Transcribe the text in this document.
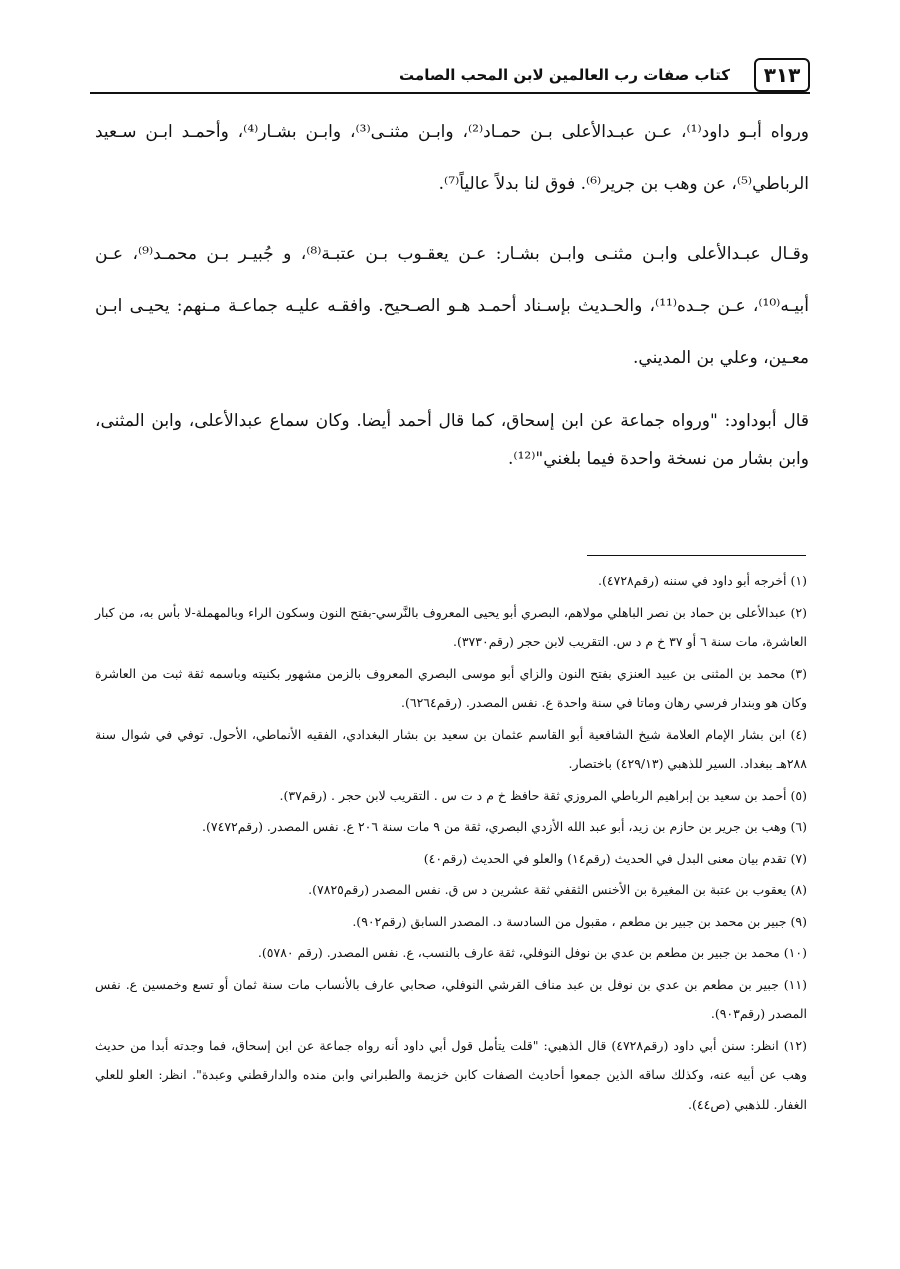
٣١٣
كتاب صفات رب العالمين لابن المحب الصامت

ورواه أبـو داود⁽¹⁾، عـن عبـدالأعلى بـن حمـاد⁽²⁾، وابـن مثنـى⁽³⁾، وابـن بشـار⁽⁴⁾، وأحمـد ابـن سـعيد الرباطي⁽⁵⁾، عن وهب بن جرير⁽⁶⁾. فوق لنا بدلاً عالياً⁽⁷⁾.

وقـال عبـدالأعلى وابـن مثنـى وابـن بشـار: عـن يعقـوب بـن عتبـة⁽⁸⁾، و جُبيـر بـن محمـد⁽⁹⁾، عـن أبيـه⁽¹⁰⁾، عـن جـده⁽¹¹⁾، والحـديث بإسـناد أحمـد هـو الصـحيح. وافقـه عليـه جماعـة مـنهم: يحيـى ابـن معـين، وعلي بن المديني.

قال أبوداود: "ورواه جماعة عن ابن إسحاق، كما قال أحمد أيضا. وكان سماع عبدالأعلى، وابن المثنى، وابن بشار من نسخة واحدة فيما بلغني"⁽¹²⁾.

(١) أخرجه أبو داود في سننه (رقم٤٧٢٨).
(٢) عبدالأعلى بن حماد بن نصر الباهلي مولاهم، البصري أبو يحيى المعروف بالنَّرسي-بفتح النون وسكون الراء وبالمهملة-لا بأس به، من كبار العاشرة، مات سنة ٦ أو ٣٧ خ م د س. التقريب لابن حجر (رقم٣٧٣٠).
(٣) محمد بن المثنى بن عبيد العنزي بفتح النون والزاي أبو موسى البصري المعروف بالزمن مشهور بكنيته وباسمه ثقة ثبت من العاشرة وكان هو وبندار فرسي رهان وماتا في سنة واحدة ع. نفس المصدر. (رقم٦٢٦٤).
(٤) ابن بشار الإمام العلامة شيخ الشافعية أبو القاسم عثمان بن سعيد بن بشار البغدادي، الفقيه الأنماطي، الأحول. توفي في شوال سنة ٢٨٨هـ ببغداد. السير للذهبي (٤٢٩/١٣) باختصار.
(٥) أحمد بن سعيد بن إبراهيم الرباطي المروزي ثقة حافظ خ م د ت س . التقريب لابن حجر . (رقم٣٧).
(٦) وهب بن جرير بن حازم بن زيد، أبو عبد الله الأزدي البصري، ثقة من ٩ مات سنة ٢٠٦ ع. نفس المصدر. (رقم٧٤٧٢).
(٧) تقدم بيان معنى البدل في الحديث (رقم١٤) والعلو في الحديث (رقم٤٠)
(٨) يعقوب بن عتبة بن المغيرة بن الأخنس الثقفي ثقة عشرين د س ق. نفس المصدر (رقم٧٨٢٥).
(٩) جبير بن محمد بن جبير بن مطعم ، مقبول من السادسة د. المصدر السابق (رقم٩٠٢).
(١٠) محمد بن جبير بن مطعم بن عدي بن نوفل النوفلي، ثقة عارف بالنسب، ع. نفس المصدر. (رقم ٥٧٨٠).
(١١) جبير بن مطعم بن عدي بن نوفل بن عبد مناف القرشي النوفلي، صحابي عارف بالأنساب مات سنة ثمان أو تسع وخمسين ع. نفس المصدر (رقم٩٠٣).
(١٢) انظر: سنن أبي داود (رقم٤٧٢٨) قال الذهبي: "قلت يتأمل قول أبي داود أنه رواه جماعة عن ابن إسحاق، فما وجدته أبدا من حديث وهب عن أبيه عنه، وكذلك ساقه الذين جمعوا أحاديث الصفات كابن خزيمة والطبراني وابن منده والدارقطني وعبدة". انظر: العلو للعلي الغفار. للذهبي (ص٤٤).
